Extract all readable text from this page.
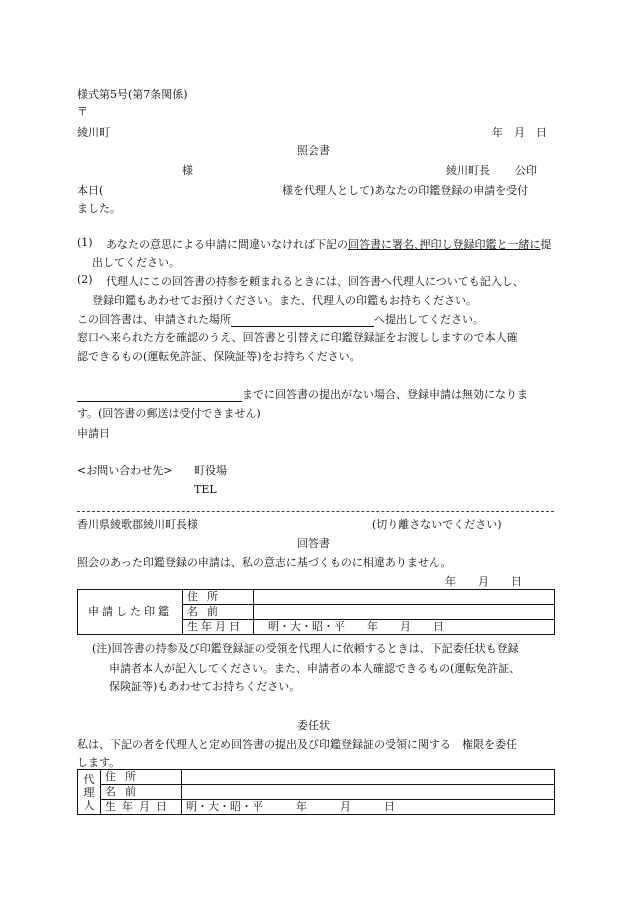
様式第5号(第7条関係)
〒
綾川町	年　月　日
照会書
様	綾川町長 公印
本日(	様を代理人として)あなたの印鑑登録の申請を受付
ました。
(1)	あなたの意思による申請に間違いなければ下記の回答書に署名､押印し登録印鑑と一緒に提出してください。
(2) 代理人にこの回答書の持参を頼まれるときには、回答書へ代理人についても記入し、
登録印鑑もあわせてお預けください。また、代理人の印鑑もお持ちください。
この回答書は、申請された場所	へ提出してください。
窓口へ来られた方を確認のうえ、回答書と引替えに印鑑登録証をお渡ししますので本人確
認できるもの(運転免許証、保険証等)をお持ちください。
までに回答書の提出がない場合、登録申請は無効になりま
す。(回答書の郵送は受付できません)
申請日
<お問い合わせ先> 町役場
TEL
香川県綾歌郡綾川町長様	(切り離さないでください)
回答書
照会のあった印鑑登録の申請は、私の意志に基づくものに相違ありません。
年　　月　　日
申請した印鑑	住所	
	名前	
	生年月日	明・大・昭・平　　年　　月　　日
(注)回答書の持参及び印鑑登録証の受領を代理人に依頼するときは、下記委任状も登録
申請者本人が記入してください。また、申請者の本人確認できるもの(運転免許証、
保険証等)もあわせてお持ちください。
委任状
私は、下記の者を代理人と定め回答書の提出及び印鑑登録証の受領に関する　権限を委任
します。
代理人	住所	
	名前	
	生年月日	明・大・昭・平　　　年　　　月　　　日
